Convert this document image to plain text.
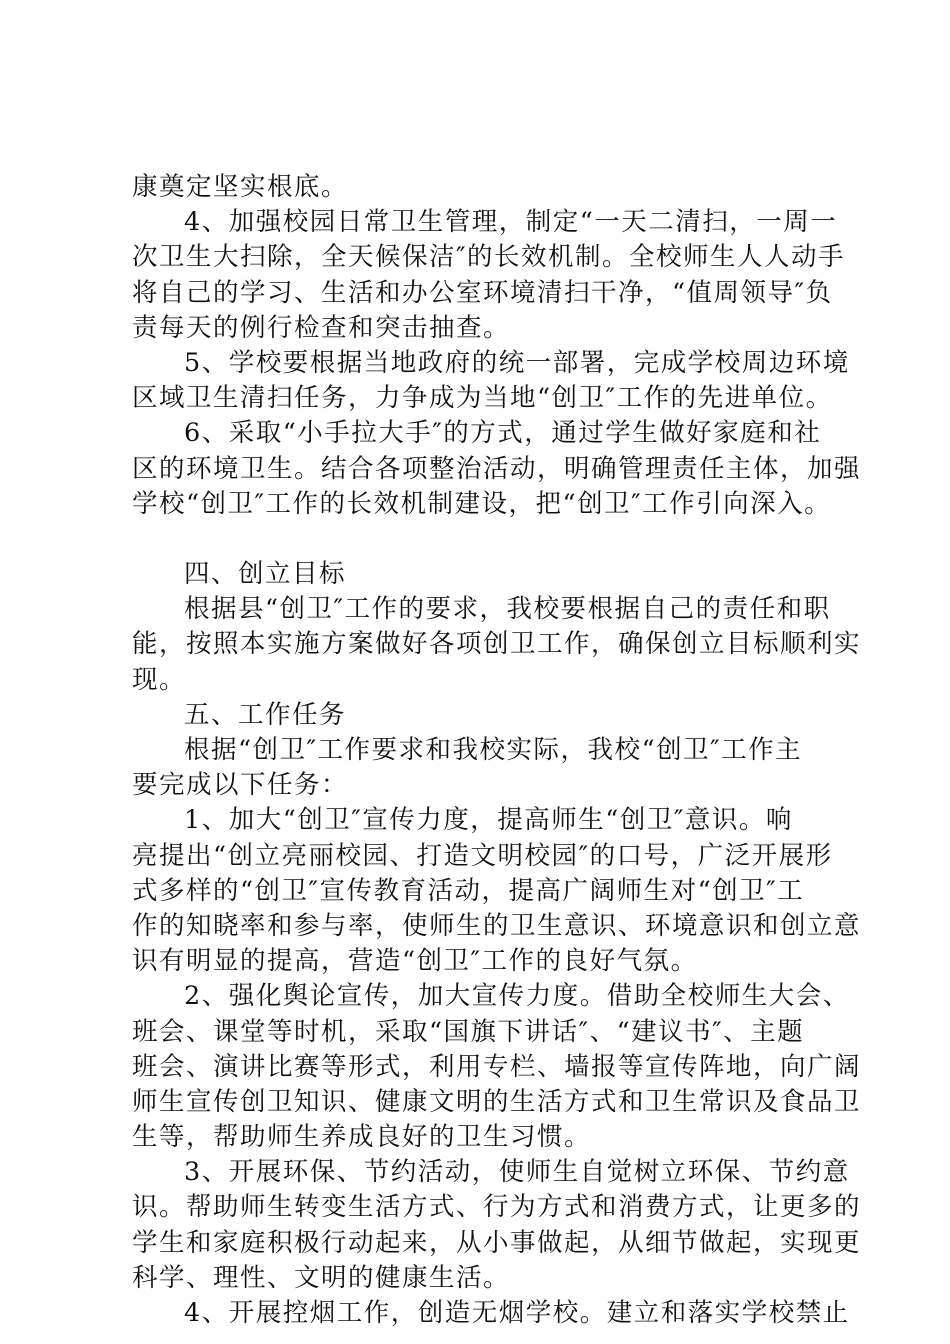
康奠定坚实根底。
4、加强校园日常卫生管理，制定“一天二清扫，一周一
次卫生大扫除，全天候保洁″的长效机制。全校师生人人动手
将自己的学习、生活和办公室环境清扫干净，“值周领导″负
责每天的例行检查和突击抽查。
5、学校要根据当地政府的统一部署，完成学校周边环境
区域卫生清扫任务，力争成为当地“创卫″工作的先进单位。
6、采取“小手拉大手″的方式，通过学生做好家庭和社
区的环境卫生。结合各项整治活动，明确管理责任主体，加强
学校“创卫″工作的长效机制建设，把“创卫″工作引向深入。
四、创立目标
根据县“创卫″工作的要求，我校要根据自己的责任和职
能，按照本实施方案做好各项创卫工作，确保创立目标顺利实
现。
五、工作任务
根据“创卫″工作要求和我校实际，我校“创卫″工作主
要完成以下任务：
1、加大“创卫″宣传力度，提高师生“创卫″意识。响
亮提出“创立亮丽校园、打造文明校园″的口号，广泛开展形
式多样的“创卫″宣传教育活动，提高广阔师生对“创卫″工
作的知晓率和参与率，使师生的卫生意识、环境意识和创立意
识有明显的提高，营造“创卫″工作的良好气氛。
2、强化舆论宣传，加大宣传力度。借助全校师生大会、
班会、课堂等时机，采取“国旗下讲话″、“建议书″、主题
班会、演讲比赛等形式，利用专栏、墙报等宣传阵地，向广阔
师生宣传创卫知识、健康文明的生活方式和卫生常识及食品卫
生等，帮助师生养成良好的卫生习惯。
3、开展环保、节约活动，使师生自觉树立环保、节约意
识。帮助师生转变生活方式、行为方式和消费方式，让更多的
学生和家庭积极行动起来，从小事做起，从细节做起，实现更
科学、理性、文明的健康生活。
4、开展控烟工作，创造无烟学校。建立和落实学校禁止
